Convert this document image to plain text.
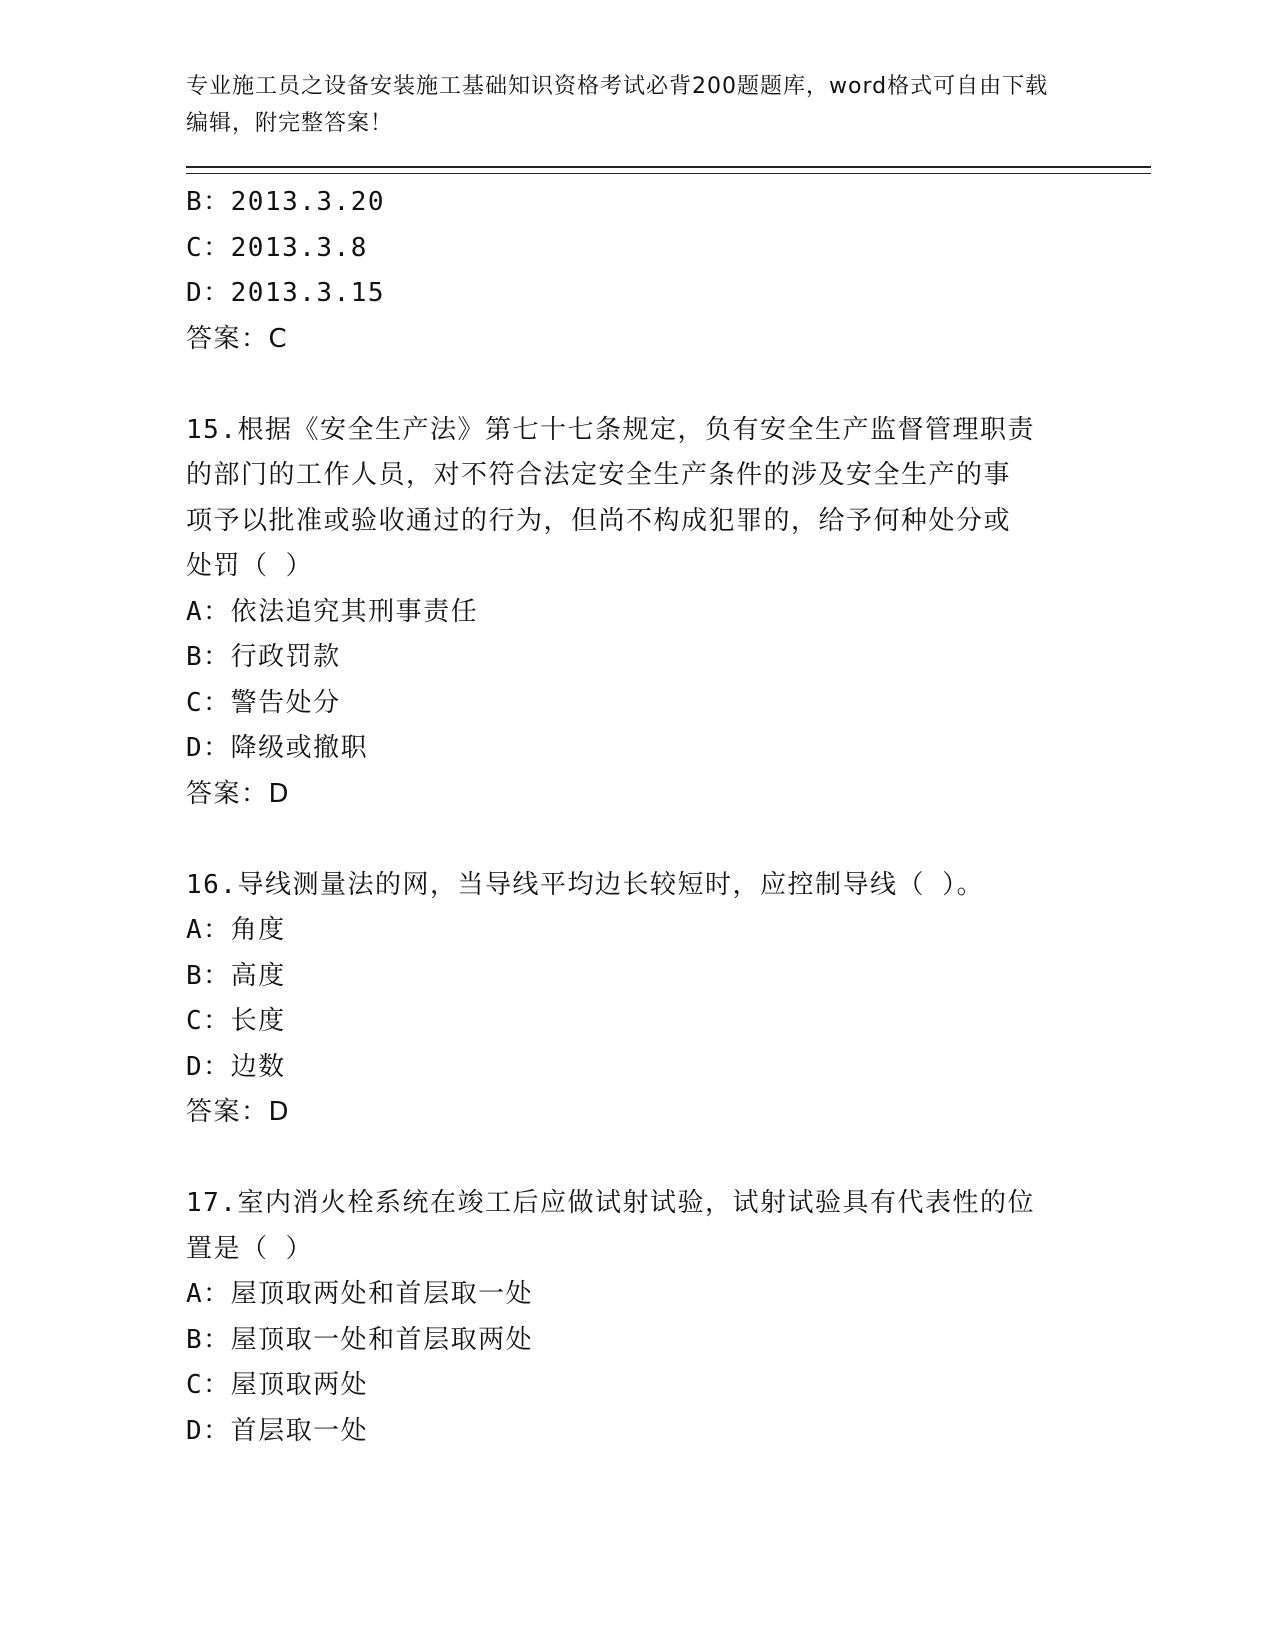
专业施工员之设备安装施工基础知识资格考试必背200题题库，word格式可自由下载编辑，附完整答案！
B：2013.3.20
C：2013.3.8
D：2013.3.15
答案：C
15.根据《安全生产法》第七十七条规定，负有安全生产监督管理职责
的部门的工作人员，对不符合法定安全生产条件的涉及安全生产的事
项予以批准或验收通过的行为，但尚不构成犯罪的，给予何种处分或
处罚（ ）
A：依法追究其刑事责任
B：行政罚款
C：警告处分
D：降级或撤职
答案：D
16.导线测量法的网，当导线平均边长较短时，应控制导线（ ）。
A：角度
B：高度
C：长度
D：边数
答案：D
17.室内消火栓系统在竣工后应做试射试验，试射试验具有代表性的位
置是（ ）
A：屋顶取两处和首层取一处
B：屋顶取一处和首层取两处
C：屋顶取两处
D：首层取一处
